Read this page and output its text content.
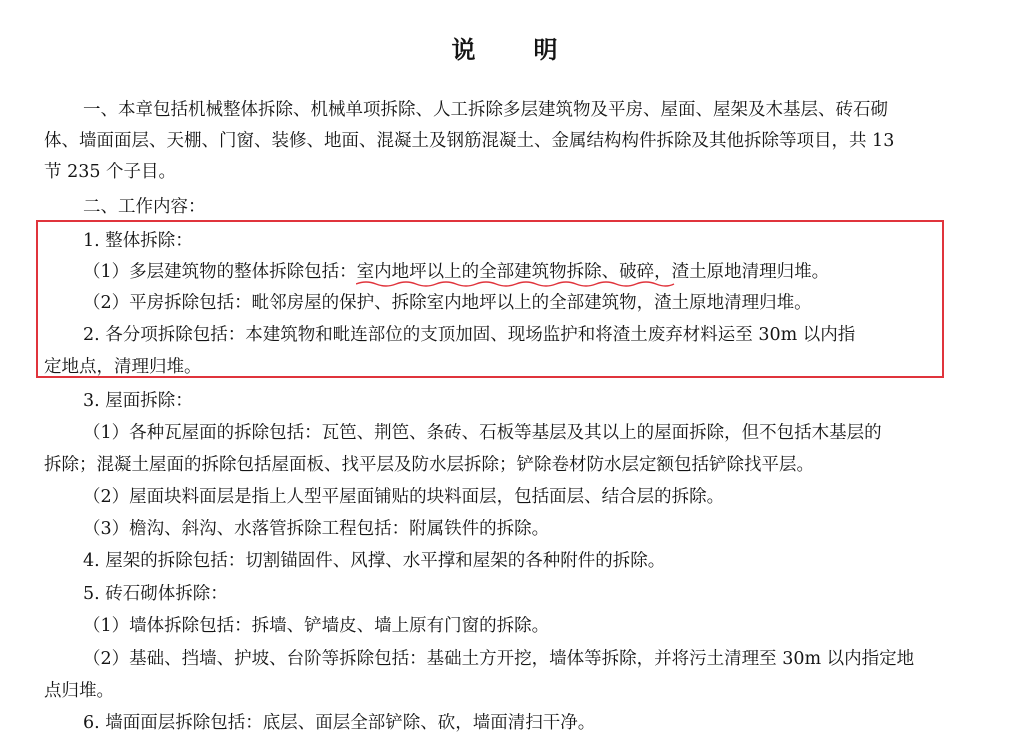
说 明
一、本章包括机械整体拆除、机械单项拆除、人工拆除多层建筑物及平房、屋面、屋架及木基层、砖石砌
体、墙面面层、天棚、门窗、装修、地面、混凝土及钢筋混凝土、金属结构构件拆除及其他拆除等项目，共 13
节 235 个子目。
二、工作内容：
1. 整体拆除：
（1）多层建筑物的整体拆除包括：室内地坪以上的全部建筑物拆除、破碎，渣土原地清理归堆。
（2）平房拆除包括：毗邻房屋的保护、拆除室内地坪以上的全部建筑物，渣土原地清理归堆。
2. 各分项拆除包括：本建筑物和毗连部位的支顶加固、现场监护和将渣土废弃材料运至 30m 以内指
定地点，清理归堆。
3. 屋面拆除：
（1）各种瓦屋面的拆除包括：瓦笆、荆笆、条砖、石板等基层及其以上的屋面拆除，但不包括木基层的
拆除；混凝土屋面的拆除包括屋面板、找平层及防水层拆除；铲除卷材防水层定额包括铲除找平层。
（2）屋面块料面层是指上人型平屋面铺贴的块料面层，包括面层、结合层的拆除。
（3）檐沟、斜沟、水落管拆除工程包括：附属铁件的拆除。
4. 屋架的拆除包括：切割锚固件、风撑、水平撑和屋架的各种附件的拆除。
5. 砖石砌体拆除：
（1）墙体拆除包括：拆墙、铲墙皮、墙上原有门窗的拆除。
（2）基础、挡墙、护坡、台阶等拆除包括：基础土方开挖，墙体等拆除，并将污土清理至 30m 以内指定地
点归堆。
6. 墙面面层拆除包括：底层、面层全部铲除、砍，墙面清扫干净。
